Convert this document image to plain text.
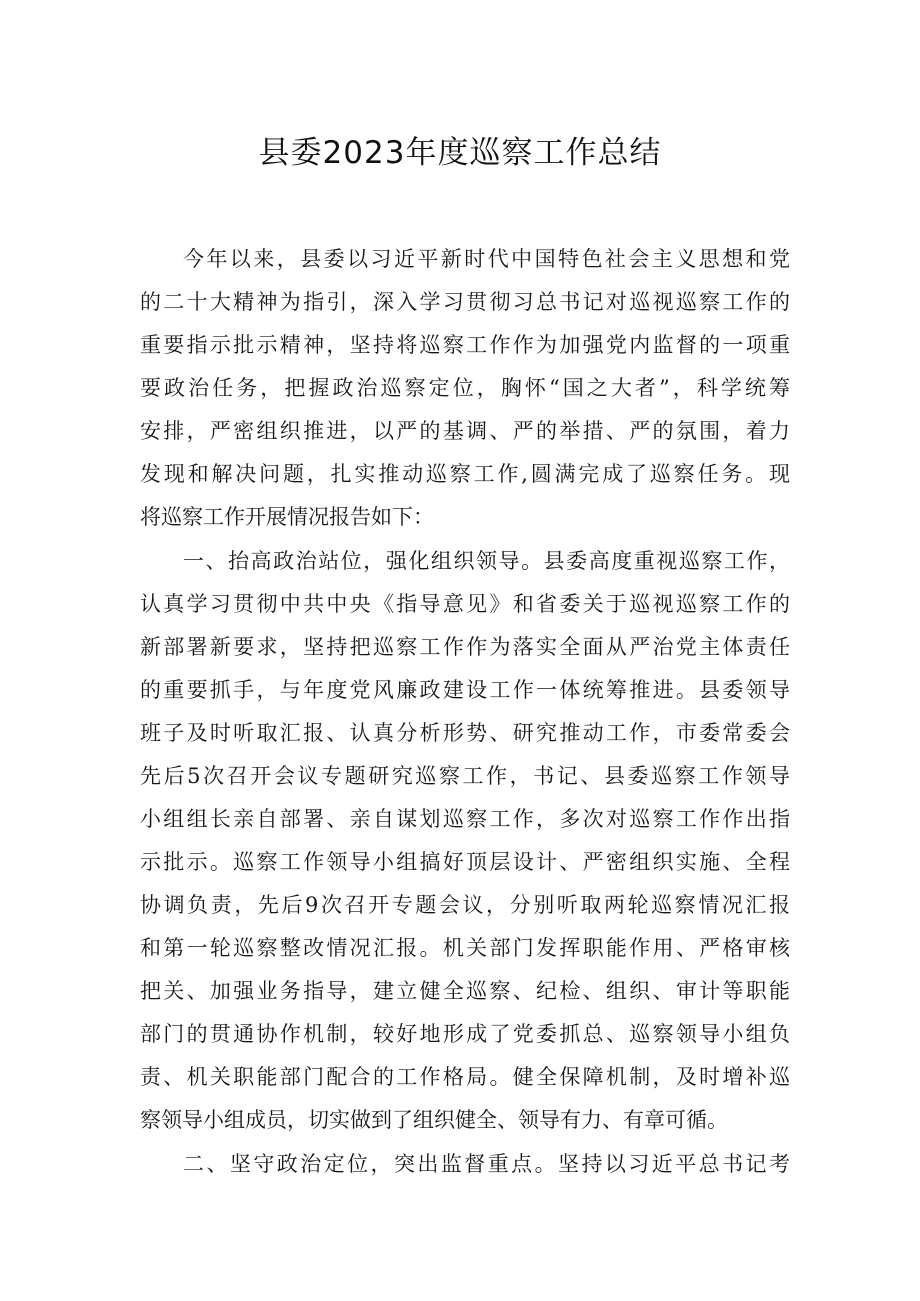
县委2023年度巡察工作总结
今年以来，县委以习近平新时代中国特色社会主义思想和党
的二十大精神为指引，深入学习贯彻习总书记对巡视巡察工作的
重要指示批示精神，坚持将巡察工作作为加强党内监督的一项重
要政治任务，把握政治巡察定位，胸怀“国之大者”，科学统筹
安排，严密组织推进，以严的基调、严的举措、严的氛围，着力
发现和解决问题，扎实推动巡察工作,圆满完成了巡察任务。现
将巡察工作开展情况报告如下：
一、抬高政治站位，强化组织领导。县委高度重视巡察工作，
认真学习贯彻中共中央《指导意见》和省委关于巡视巡察工作的
新部署新要求，坚持把巡察工作作为落实全面从严治党主体责任
的重要抓手，与年度党风廉政建设工作一体统筹推进。县委领导
班子及时听取汇报、认真分析形势、研究推动工作，市委常委会
先后5次召开会议专题研究巡察工作，书记、县委巡察工作领导
小组组长亲自部署、亲自谋划巡察工作，多次对巡察工作作出指
示批示。巡察工作领导小组搞好顶层设计、严密组织实施、全程
协调负责，先后9次召开专题会议，分别听取两轮巡察情况汇报
和第一轮巡察整改情况汇报。机关部门发挥职能作用、严格审核
把关、加强业务指导，建立健全巡察、纪检、组织、审计等职能
部门的贯通协作机制，较好地形成了党委抓总、巡察领导小组负
责、机关职能部门配合的工作格局。健全保障机制，及时增补巡
察领导小组成员，切实做到了组织健全、领导有力、有章可循。
二、坚守政治定位，突出监督重点。坚持以习近平总书记考
